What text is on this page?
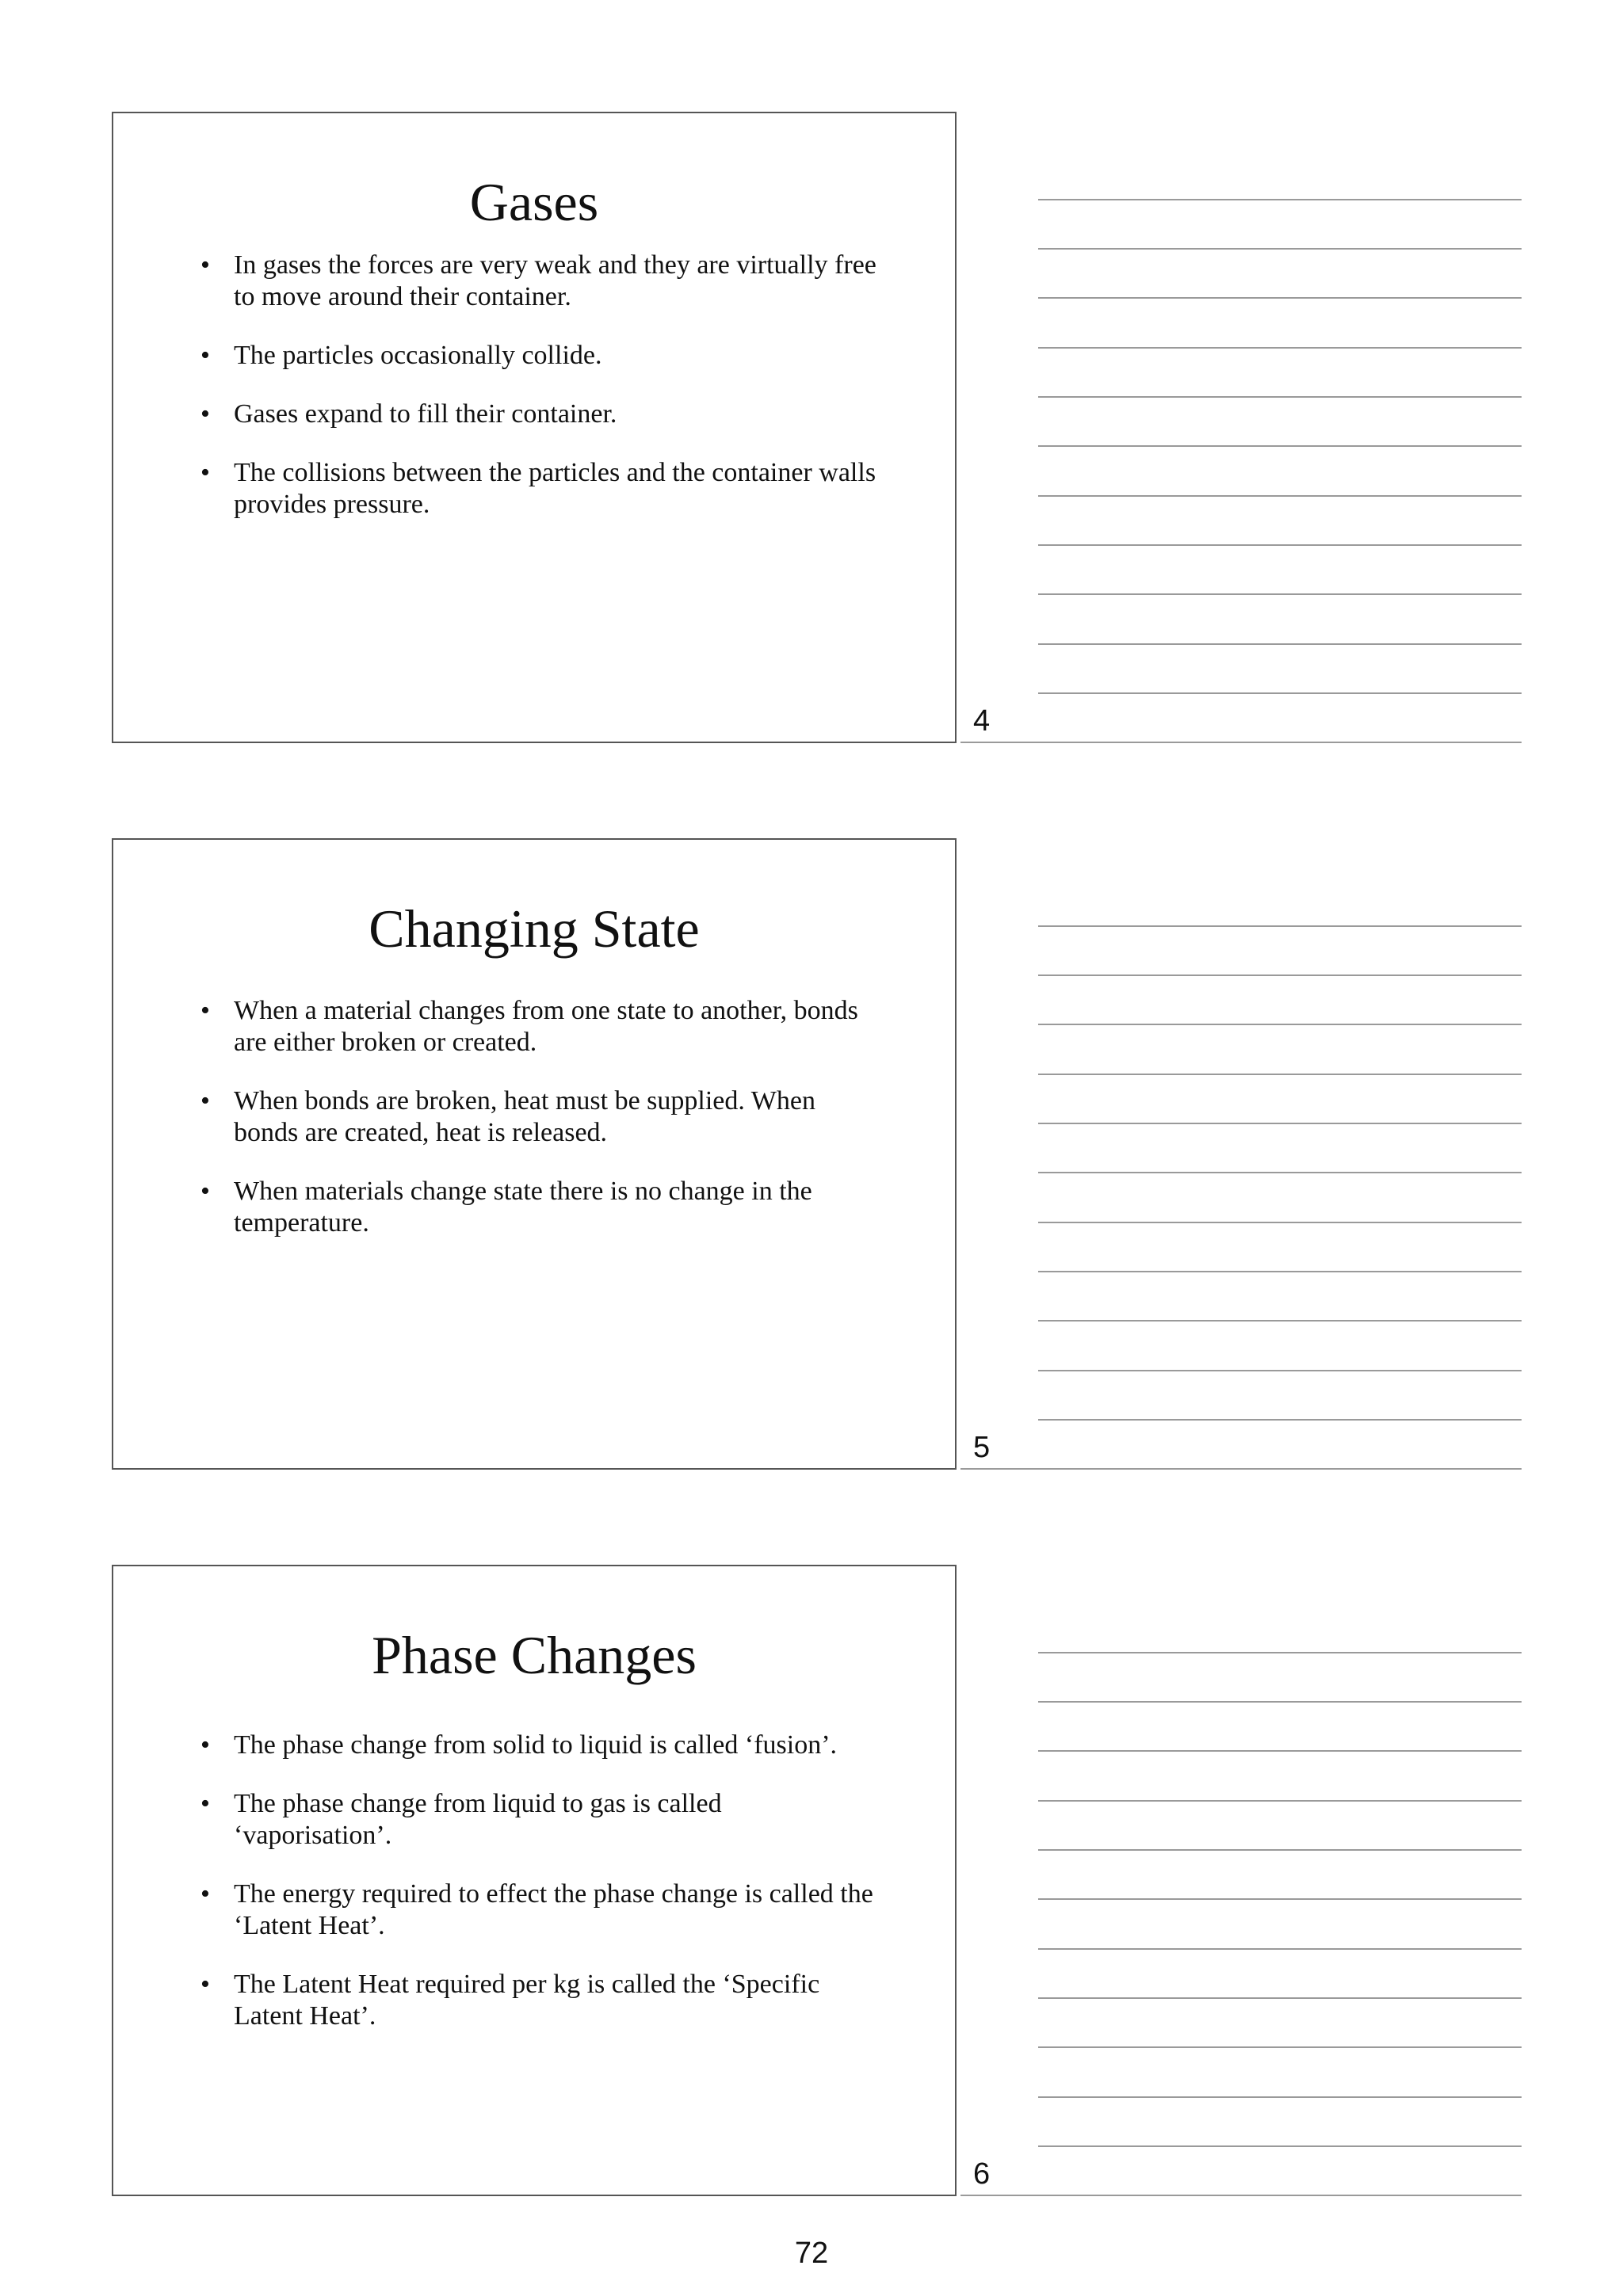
Gases
• In gases the forces are very weak and they are virtually free to move around their container.
• The particles occasionally collide.
• Gases expand to fill their container.
• The collisions between the particles and the container walls provides pressure.
4
Changing State
• When a material changes from one state to another, bonds are either broken or created.
• When bonds are broken, heat must be supplied. When bonds are created, heat is released.
• When materials change state there is no change in the temperature.
5
Phase Changes
• The phase change from solid to liquid is called ‘fusion’.
• The phase change from liquid to gas is called ‘vaporisation’.
• The energy required to effect the phase change is called the ‘Latent Heat’.
• The Latent Heat required per kg is called the ‘Specific Latent Heat’.
6
72
